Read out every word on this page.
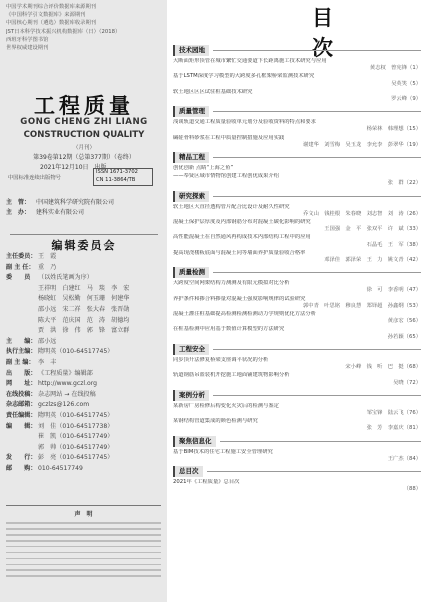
中国学术期刊综合评价数据库来源期刊
《中国科学引文数据库》来源期刊
中国核心期刊（遴选）数据库收录期刊
JST日本科学技术振兴机构数据库（日）（2018）
西班牙科学图书馆
世界权威建设期刊
工程质量
GONG CHENG ZHI LIANG
CONSTRUCTION QUALITY
（月刊）
第39卷第12期（总第377期）（卷终）
2021年12月10日　出版
中国标准连续出版物号
ISSN 1671-3702
CN 11-3864/TB
主　管： 中国建筑科学研究院有限公司
主　办： 建科实业有限公司
编辑委员会
主任委员： 王　霞
副 主 任： 重　乃
委　　员 （以姓氏笔画为序）
王祥明　白建红　马　琰　李　宏
杨晓虹　吴松勤　何玉珊　何建华
邵小远　宋二祥　张大春　张晋勋
陈大平　范庆国　范　涛　胡德均
贾　洪　徐　伟　郭　锋　富立群
主　　编： 邵小远
执行主编： 隋明英（010-64517745）
副 主 编： 李　丰
出　　版： 《工程质量》编辑部
网　　址： http://www.gczl.org
在线投稿： 杂志网站 → 在线投稿
杂志邮箱： gczlzs@126.com
责任编辑： 隋明英（010-64517745）
编　　辑： 刘　佳（010-64517738）
崔　凯（010-64517749）
郭　帅（010-64517749）
发　　行： 彭　亮（010-64517745）
邮　　购： 010-64517749
声　明
目　次
技术园地
大断面矩形顶管在城市繁忙交通要道下长距离施工技术研究与应用
黄志权　曾宪锋（1）
基于LSTM深度学习模型的大跨度多孔框架桥梁监测技术研究
吴英笑（5）
软土地区区区试驻桩基础技术研究
罗云峰（9）
质量管理
浅谈轨道交通工程质量验收单元划分及验收资料的特点和要求
杨荣林　韩理想（15）
碱硅骨料砂浆在工程中质量控制措施及应用实践
谢建华　刘雪梅　吴玉龙　李允李　彭翠华（19）
精品工程
创优创新 点睛“上海之鱼”
——奉贤区域市情物馆创建工程创优成果介绍
张　群（22）
研究探索
软土地区大直径透构管片配合比设计及耐久性研究
乔文山　钱桂根　朱春晓　刘志智　刘　涛（26）
混凝土保护层厚度及内部钢筋分布对混凝土碳化影响的研究
王国强　金　平　张双平　许　斌（33）
高性能混凝土在自然通风再构成技术内部结构工程中的应用
石晶毛　王　军（38）
提高现浇楼板底面与混凝土同等墙面养护质量验收合格率
邓泽佳　郭泽荣　王　力　姚文青（42）
质量检测
大跨度空间网架结构力测测及有限元模拟对比分析
徐　可　李香明（47）
养护条件和掺合料掺量对混凝土强度影响规律的试验研究
郭中青　叶思铭　穆良慧　郑铎超　孙鑫纲（53）
混凝土灌注桩基础提高检测检测检测动力学规则优化方法分析
黄彦宏（56）
在桩基检测中应用基于数值计算模型的方法研究
孙若颖（65）
工程安全
同步顶升法修复桥梁支座调平状况的分析
宋小峰　钱　听　巴　挺（68）
轨道钢筋吊篮装机开挖施工地面铺建筑物影响分析
吴晓（72）
案例分析
某新房厂房检修后构变化火灾后的检测与鉴定
邹宝锋　陆云飞（76）
某钢结构管道集成的颜色检测与研究
张　芳　李嘉庆（81）
聚焦信息化
基于BIM技术的住宅工程施工安全管理研究
王广杰（84）
总目次
2021年《工程质量》总目次
（88）
